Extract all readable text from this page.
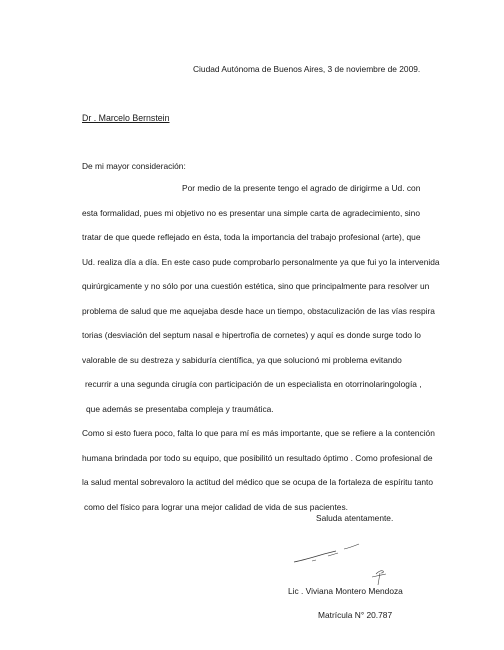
Ciudad Autónoma de Buenos Aires, 3 de noviembre de 2009.
Dr . Marcelo Bernstein
De mi mayor consideración:
Por medio de la presente tengo el agrado de dirigirme a Ud. con
esta formalidad, pues mi objetivo no es presentar una simple carta de agradecimiento, sino
tratar de que quede reflejado en ésta, toda la importancia del trabajo profesional (arte), que
Ud. realiza día a día. En este caso pude comprobarlo personalmente ya que fui yo la intervenida
quirúrgicamente y no sólo por una cuestión estética, sino que principalmente para resolver un
problema de salud que me aquejaba desde hace un tiempo, obstaculización de las vías respira
torias (desviación del septum nasal e hipertrofia de cornetes) y aquí es donde surge todo lo
valorable de su destreza y sabiduría científica, ya que solucionó mi problema evitando
recurrir a una segunda cirugía con participación de un especialista en otorrinolaringología ,
que además se presentaba compleja y traumática.
Como si esto fuera poco, falta lo que para mí es más importante, que se refiere a la contención
humana brindada por todo su equipo, que posibilitó un resultado óptimo . Como profesional de
la salud mental sobrevaloro la actitud del médico que se ocupa de la fortaleza de espíritu tanto
como del físico para lograr una mejor calidad de vida de sus pacientes.
Saluda atentamente.
Lic . Viviana Montero Mendoza
Matrícula N° 20.787
